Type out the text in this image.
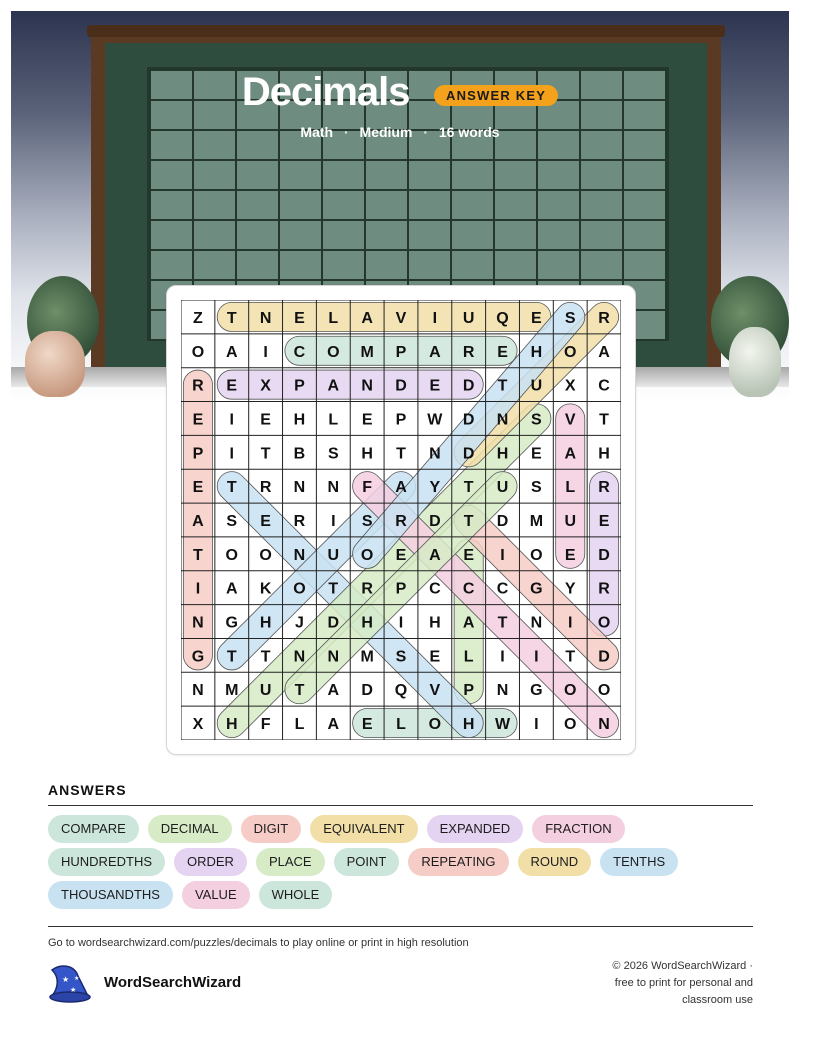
Decimals	ANSWER KEY
Math · Medium · 16 words
Z T N E L A V I U Q E S R
O A I C O M P A R E H O A
R E X P A N D E D T U X C
E I E H L E P W D N S V T
P I T B S H T N D H E A H
E T R N N F A Y T U S L R
A S E R I S R D T D M U E
T O O N U O E A E I O E D
I A K O T R P C C C G Y R
N G H J D H I H A T N I O
G T T N N M S E L I I T D
N M U T A D Q V P N G O O
X H F L A E L O H W I O N
ANSWERS
COMPARE	DECIMAL	DIGIT	EQUIVALENT	EXPANDED	FRACTIONHUNDREDTHS	ORDER	PLACE	POINT	REPEATING	ROUND	TENTHSTHOUSANDTHS	VALUE	WHOLE
Go to wordsearchwizard.com/puzzles/decimals to play online or print in high resolution
★
★
★ WordSearchWizard
© 2026 WordSearchWizard ·
free to print for personal and
classroom use
